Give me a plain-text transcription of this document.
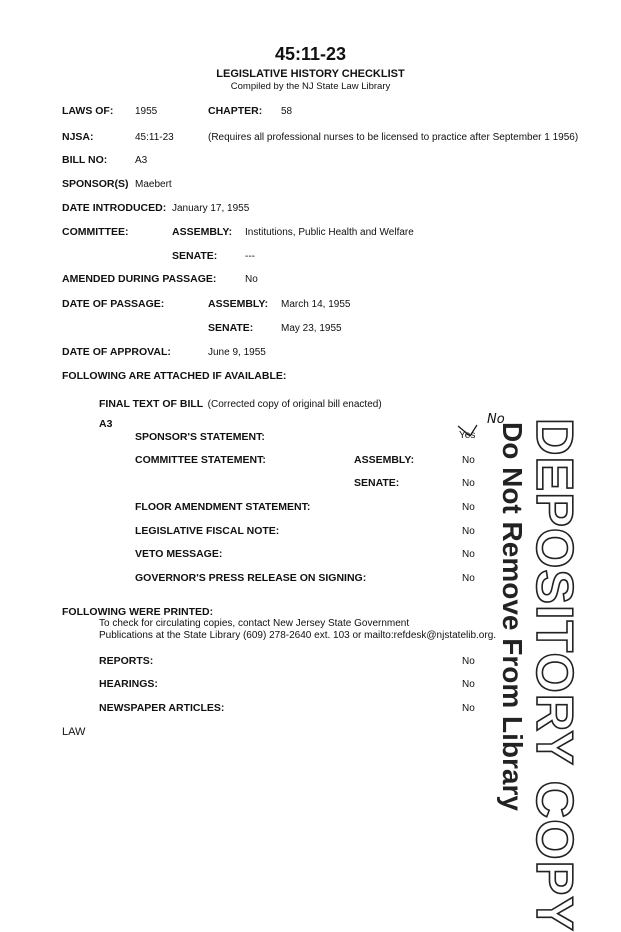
45:11-23
LEGISLATIVE HISTORY CHECKLIST
Compiled by the NJ State Law Library
LAWS OF: 1955	CHAPTER: 58
NJSA:	45:11-23	(Requires all professional nurses to be licensed to practice after September 1 1956)
BILL NO:	A3
SPONSOR(S) Maebert
DATE INTRODUCED: January 17, 1955
COMMITTEE:	ASSEMBLY: Institutions, Public Health and Welfare
SENATE:	---
AMENDED DURING PASSAGE:	No
DATE OF PASSAGE:	ASSEMBLY: March 14, 1955
SENATE:	May 23, 1955
DATE OF APPROVAL:	June 9, 1955
FOLLOWING ARE ATTACHED IF AVAILABLE:
FINAL TEXT OF BILL (Corrected copy of original bill enacted)
A3
SPONSOR'S STATEMENT:	Yes
No
COMMITTEE STATEMENT:	ASSEMBLY:	No
SENATE:	No
FLOOR AMENDMENT STATEMENT:	No
LEGISLATIVE FISCAL NOTE:	No
VETO MESSAGE:	No
GOVERNOR'S PRESS RELEASE ON SIGNING:	No
FOLLOWING WERE PRINTED:
To check for circulating copies, contact New Jersey State Government
Publications at the State Library (609) 278-2640 ext. 103 or mailto:refdesk@njstatelib.org.
REPORTS:	No
HEARINGS:	No
NEWSPAPER ARTICLES:	No
LAW	DEPOSITORY COPY
Do Not Remove From Library
